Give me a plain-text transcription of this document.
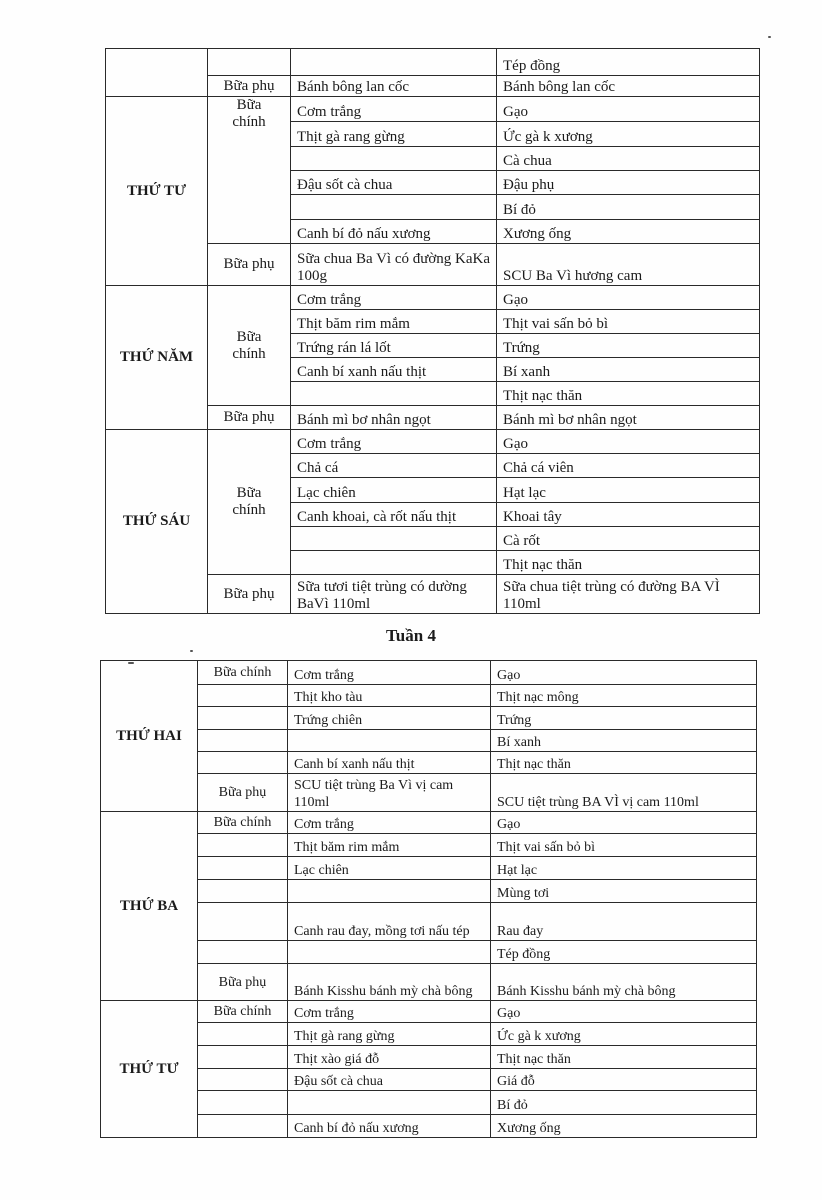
			Tép đồng
	Bữa phụ	Bánh bông lan cốc	Bánh bông lan cốc
THỨ TƯ	Bữa chính	Cơm trắng	Gạo
		Thịt gà rang gừng	Ức gà k xương
			Cà chua
		Đậu sốt cà chua	Đậu phụ
			Bí đỏ
		Canh bí đỏ nấu xương	Xương ống
	Bữa phụ	Sữa chua Ba Vì có đường KaKa 100g	SCU Ba Vì hương cam
THỨ NĂM	Bữa chính	Cơm trắng	Gạo
		Thịt băm rim mắm	Thịt vai sấn bỏ bì
		Trứng rán lá lốt	Trứng
		Canh bí xanh nấu thịt	Bí xanh
			Thịt nạc thăn
	Bữa phụ	Bánh mì bơ nhân ngọt	Bánh mì bơ nhân ngọt
THỨ SÁU	Bữa chính	Cơm trắng	Gạo
		Chả cá	Chả cá viên
		Lạc chiên	Hạt lạc
		Canh khoai, cà rốt nấu thịt	Khoai tây
			Cà rốt
			Thịt nạc thăn
	Bữa phụ	Sữa tươi tiệt trùng có dường BaVì 110ml	Sữa chua tiệt trùng có đường BA VÌ 110ml
Tuần 4
THỨ HAI	Bữa chính	Cơm trắng	Gạo
		Thịt kho tàu	Thịt nạc mông
		Trứng chiên	Trứng
			Bí xanh
		Canh bí xanh nấu thịt	Thịt nạc thăn
	Bữa phụ	SCU tiệt trùng Ba Vì vị cam 110ml	SCU tiệt trùng BA VÌ vị cam 110ml
THỨ BA	Bữa chính	Cơm trắng	Gạo
		Thịt băm rim mắm	Thịt vai sấn bỏ bì
		Lạc chiên	Hạt lạc
			Mùng tơi
		Canh rau đay, mồng tơi nấu tép	Rau đay
			Tép đồng
	Bữa phụ	Bánh Kisshu bánh mỳ chà bông	Bánh Kisshu bánh mỳ chà bông
THỨ TƯ	Bữa chính	Cơm trắng	Gạo
		Thịt gà rang gừng	Ức gà k xương
		Thịt xào giá đỗ	Thịt nạc thăn
		Đậu sốt cà chua	Giá đỗ
			Bí đỏ
		Canh bí đỏ nấu xương	Xương ống
